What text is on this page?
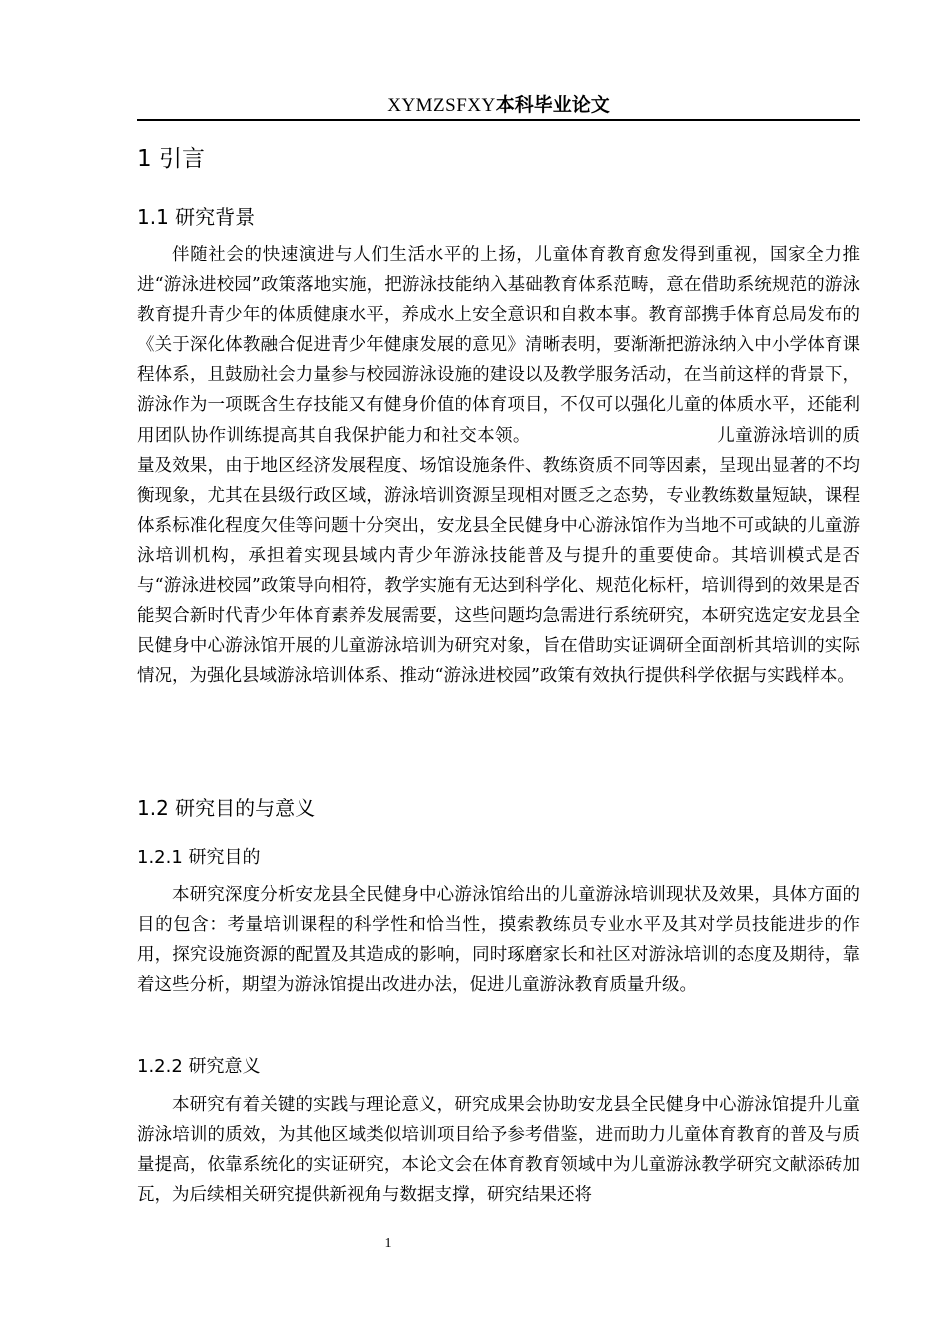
XYMZSFXY本科毕业论文
1 引言
1.1 研究背景

伴随社会的快速演进与人们生活水平的上扬，儿童体育教育愈发得到重视，国家全力推进“游泳进校园”政策落地实施，把游泳技能纳入基础教育体系范畴，意在借助系统规范的游泳教育提升青少年的体质健康水平，养成水上安全意识和自救本事。教育部携手体育总局发布的《关于深化体教融合促进青少年健康发展的意见》清晰表明，要渐渐把游泳纳入中小学体育课程体系，且鼓励社会力量参与校园游泳设施的建设以及教学服务活动，在当前这样的背景下，游泳作为一项既含生存技能又有健身价值的体育项目，不仅可以强化儿童的体质水平，还能利用团队协作训练提高其自我保护能力和社交本领。	儿童游泳培训的质量及效果，由于地区经济发展程度、场馆设施条件、教练资质不同等因素，呈现出显著的不均衡现象，尤其在县级行政区域，游泳培训资源呈现相对匮乏之态势，专业教练数量短缺，课程体系标准化程度欠佳等问题十分突出，安龙县全民健身中心游泳馆作为当地不可或缺的儿童游泳培训机构，承担着实现县域内青少年游泳技能普及与提升的重要使命。其培训模式是否与“游泳进校园”政策导向相符，教学实施有无达到科学化、规范化标杆，培训得到的效果是否能契合新时代青少年体育素养发展需要，这些问题均急需进行系统研究，本研究选定安龙县全民健身中心游泳馆开展的儿童游泳培训为研究对象，旨在借助实证调研全面剖析其培训的实际情况，为强化县域游泳培训体系、推动“游泳进校园”政策有效执行提供科学依据与实践样本。

1.2 研究目的与意义
1.2.1 研究目的

本研究深度分析安龙县全民健身中心游泳馆给出的儿童游泳培训现状及效果，具体方面的目的包含：考量培训课程的科学性和恰当性，摸索教练员专业水平及其对学员技能进步的作用，探究设施资源的配置及其造成的影响，同时琢磨家长和社区对游泳培训的态度及期待，靠着这些分析，期望为游泳馆提出改进办法，促进儿童游泳教育质量升级。

1.2.2 研究意义

本研究有着关键的实践与理论意义，研究成果会协助安龙县全民健身中心游泳馆提升儿童游泳培训的质效，为其他区域类似培训项目给予参考借鉴，进而助力儿童体育教育的普及与质量提高，依靠系统化的实证研究，本论文会在体育教育领域中为儿童游泳教学研究文献添砖加瓦，为后续相关研究提供新视角与数据支撑，研究结果还将

1
